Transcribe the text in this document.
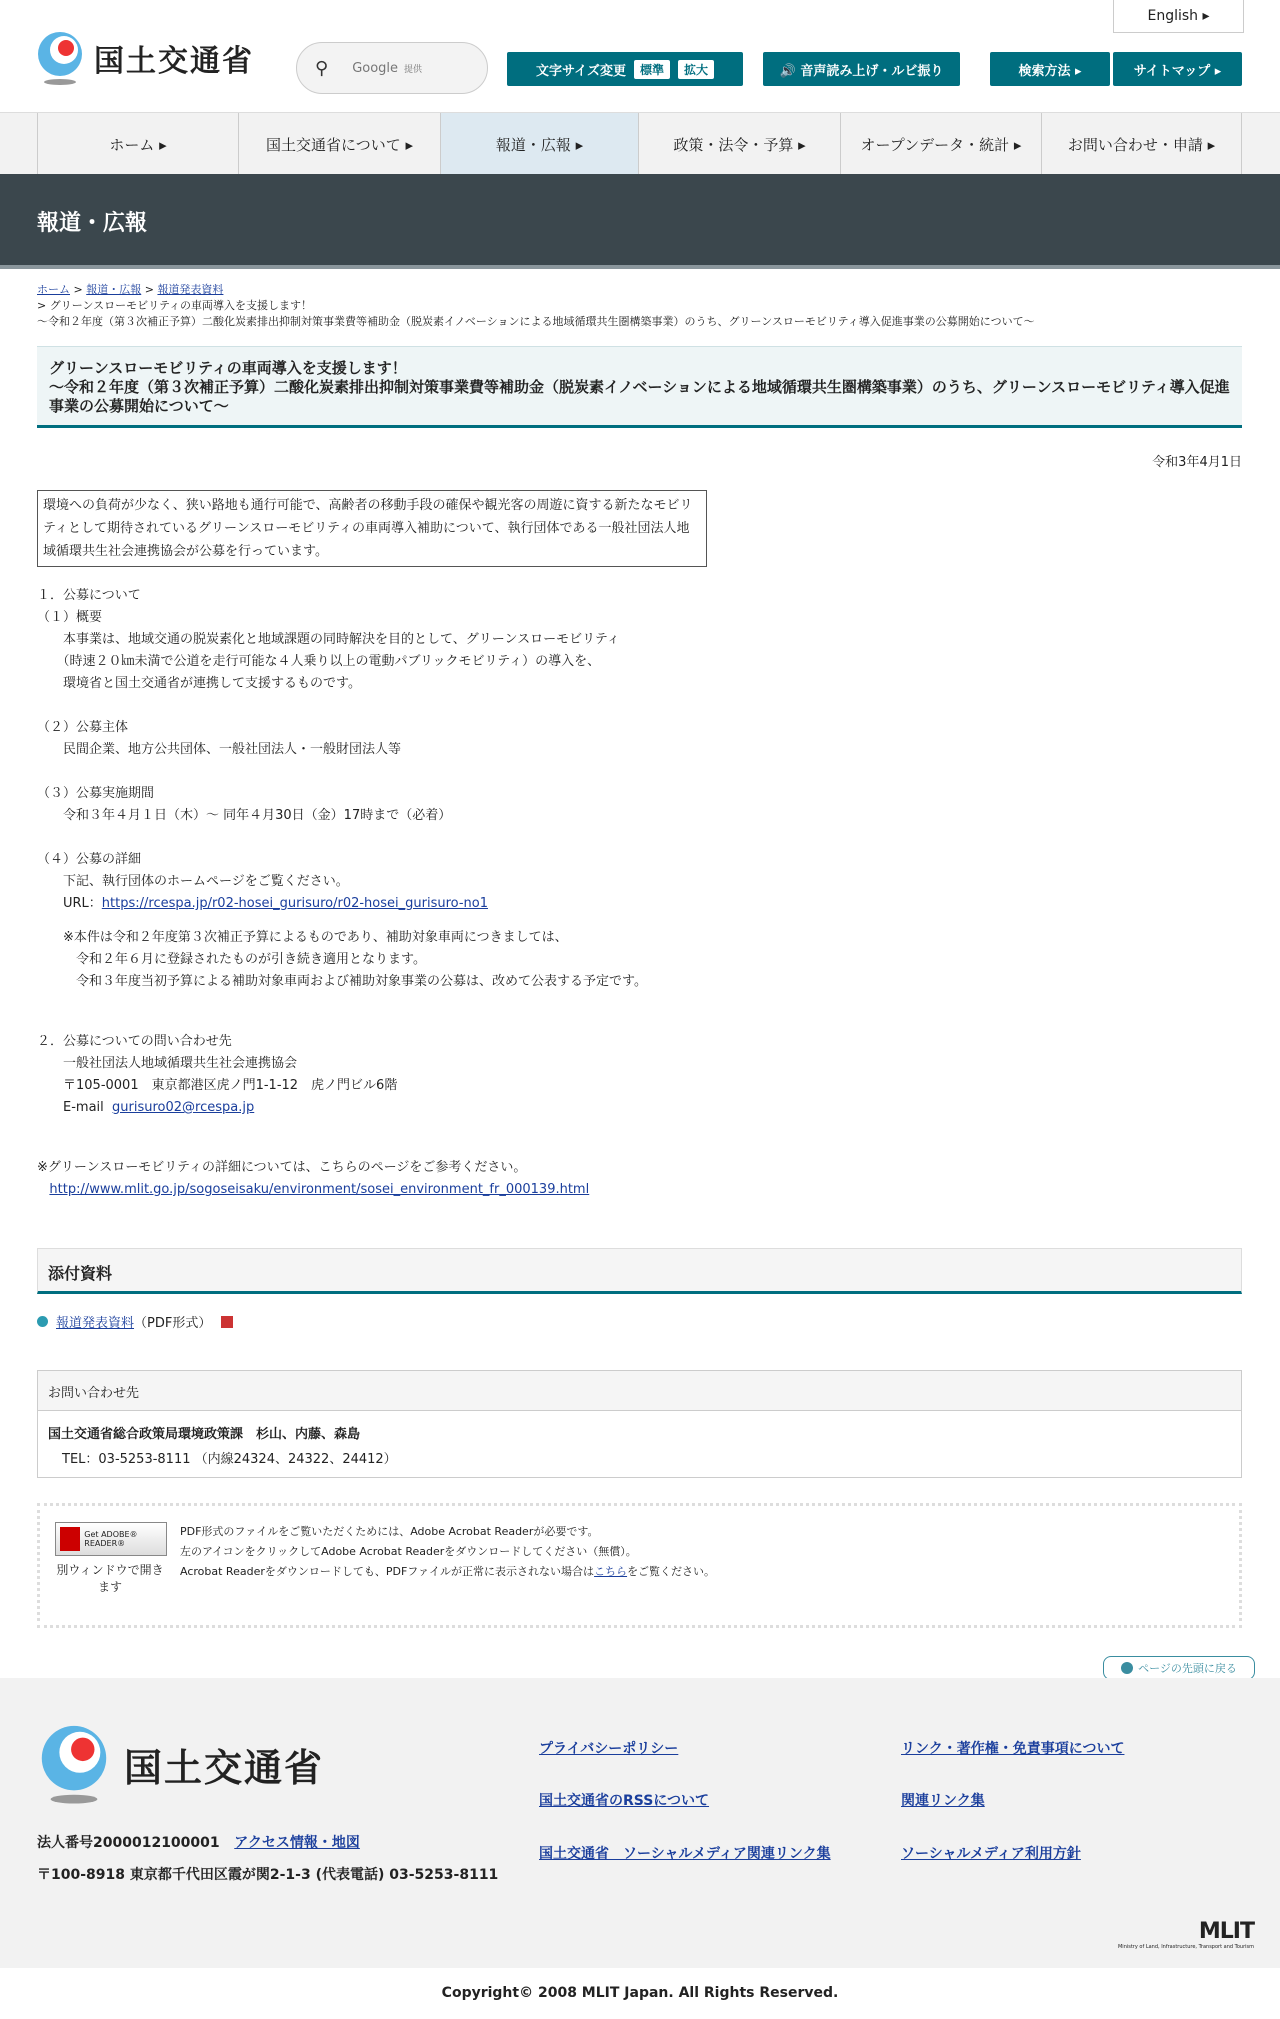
国土交通省	⚲ Google 提供
English ▸
文字サイズ変更	標準	拡大	🔊 音声読み上げ・ルビ振り	検索方法 ▸	サイトマップ ▸
ホーム ▸	国土交通省について ▸	報道・広報 ▸	政策・法令・予算 ▸	オープンデータ・統計 ▸	お問い合わせ・申請 ▸
報道・広報
ホーム > 報道・広報 > 報道発表資料
> グリーンスローモビリティの車両導入を支援します！
～令和２年度（第３次補正予算）二酸化炭素排出抑制対策事業費等補助金（脱炭素イノベーションによる地域循環共生圏構築事業）のうち、グリーンスローモビリティ導入促進事業の公募開始について～
グリーンスローモビリティの車両導入を支援します！
～令和２年度（第３次補正予算）二酸化炭素排出抑制対策事業費等補助金（脱炭素イノベーションによる地域循環共生圏構築事業）のうち、グリーンスローモビリティ導入促進事業の公募開始について～
令和3年4月1日
環境への負荷が少なく、狭い路地も通行可能で、高齢者の移動手段の確保や観光客の周遊に資する新たなモビリティとして期待されているグリーンスローモビリティの車両導入補助について、執行団体である一般社団法人地域循環共生社会連携協会が公募を行っています。
１．公募について
（１）概要
　　本事業は、地域交通の脱炭素化と地域課題の同時解決を目的として、グリーンスローモビリティ
　　（時速２０㎞未満で公道を走行可能な４人乗り以上の電動パブリックモビリティ）の導入を、
　　環境省と国土交通省が連携して支援するものです。

（２）公募主体
　　民間企業、地方公共団体、一般社団法人・一般財団法人等

（３）公募実施期間
　　令和３年４月１日（木）～ 同年４月30日（金）17時まで（必着）

（４）公募の詳細
　　下記、執行団体のホームページをご覧ください。
　　URL：https://rcespa.jp/r02-hosei_gurisuro/r02-hosei_gurisuro-no1
　　※本件は令和２年度第３次補正予算によるものであり、補助対象車両につきましては、
　　　令和２年６月に登録されたものが引き続き適用となります。
　　　令和３年度当初予算による補助対象車両および補助対象事業の公募は、改めて公表する予定です。

２．公募についての問い合わせ先
　　一般社団法人地域循環共生社会連携協会
　　〒105-0001　東京都港区虎ノ門1-1-12　虎ノ門ビル6階
　　E-mail  gurisuro02@rcespa.jp

※グリーンスローモビリティの詳細については、こちらのページをご参考ください。
http://www.mlit.go.jp/sogoseisaku/environment/sosei_environment_fr_000139.html
添付資料
報道発表資料 （PDF形式）
お問い合わせ先
国土交通省総合政策局環境政策課　杉山、内藤、森島
TEL：03-5253-8111 （内線24324、24322、24412）
Get ADOBE® READER®
別ウィンドウで開きます
PDF形式のファイルをご覧いただくためには、Adobe Acrobat Readerが必要です。
左のアイコンをクリックしてAdobe Acrobat Readerをダウンロードしてください（無償）。
Acrobat Readerをダウンロードしても、PDFファイルが正常に表示されない場合はこちらをご覧ください。
ページの先頭に戻る
国土交通省	プライバシーポリシー	リンク・著作権・免責事項について
国土交通省のRSSについて	関連リンク集
国土交通省　ソーシャルメディア関連リンク集	ソーシャルメディア利用方針
法人番号2000012100001 アクセス情報・地図
〒100-8918 東京都千代田区霞が関2-1-3 (代表電話) 03-5253-8111
MLIT
Ministry of Land, Infrastructure, Transport and Tourism
Copyright© 2008 MLIT Japan. All Rights Reserved.
